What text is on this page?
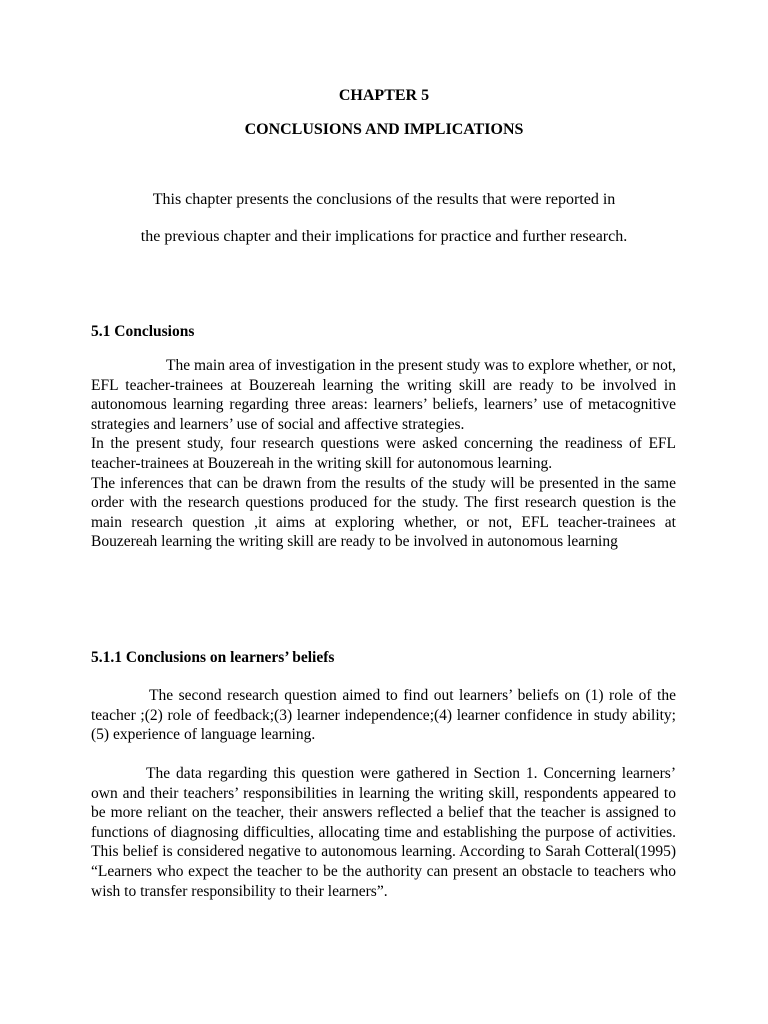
CHAPTER 5
CONCLUSIONS AND IMPLICATIONS
This chapter presents the conclusions of the results that were reported in
the previous chapter and their implications for practice and further research.
5.1 Conclusions

The main area of investigation in the present study was to explore whether, or not, EFL teacher-trainees at Bouzereah learning the writing skill are ready to be involved in autonomous learning regarding three areas: learners’ beliefs, learners’ use of metacognitive strategies and learners’ use of social and affective strategies.

In the present study, four research questions were asked concerning the readiness of EFL teacher-trainees at Bouzereah in the writing skill for autonomous learning.

The inferences that can be drawn from the results of the study will be presented in the same order with the research questions produced for the study. The first research question is the main research question ,it aims at exploring whether, or not, EFL teacher-trainees at Bouzereah learning the writing skill are ready to be involved in autonomous learning

5.1.1 Conclusions on learners’ beliefs

The second research question aimed to find out learners’ beliefs on (1) role of the teacher ;(2) role of feedback;(3) learner independence;(4) learner confidence in study ability; (5) experience of language learning.

The data regarding this question were gathered in Section 1. Concerning learners’ own and their teachers’ responsibilities in learning the writing skill, respondents appeared to be more reliant on the teacher, their answers reflected a belief that the teacher is assigned to functions of diagnosing difficulties, allocating time and establishing the purpose of activities. This belief is considered negative to autonomous learning. According to Sarah Cotteral(1995) “Learners who expect the teacher to be the authority can present an obstacle to teachers who wish to transfer responsibility to their learners”.
